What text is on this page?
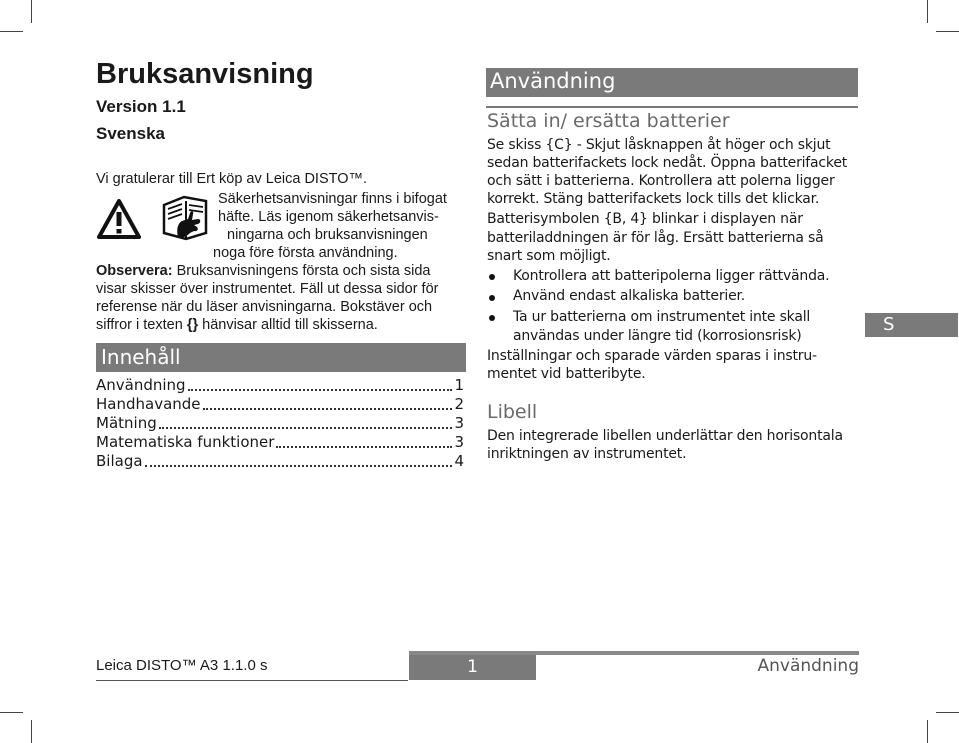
Bruksanvisning
Version 1.1
Svenska
Vi gratulerar till Ert köp av Leica DISTO™.
Säkerhetsanvisningar finns i bifogat
häfte. Läs igenom säkerhetsanvis-
ningarna och bruksanvisningen
noga före första användning.
Observera: Bruksanvisningens första och sista sida
visar skisser över instrumentet. Fäll ut dessa sidor för
referense när du läser anvisningarna. Bokstäver och
siffror i texten {} hänvisar alltid till skisserna.
Innehåll
Användning	1
Handhavande	2
Mätning	3
Matematiska funktioner	3
Bilaga	4
Användning
Sätta in/ ersätta batterier
Se skiss {C} - Skjut låsknappen åt höger och skjut
sedan batterifackets lock nedåt. Öppna batterifacket
och sätt i batterierna. Kontrollera att polerna ligger
korrekt. Stäng batterifackets lock tills det klickar.
Batterisymbolen {B, 4} blinkar i displayen när
batteriladdningen är för låg. Ersätt batterierna så
snart som möjligt.
Kontrollera att batteripolerna ligger rättvända.
Använd endast alkaliska batterier.
Ta ur batterierna om instrumentet inte skall
användas under längre tid (korrosionsrisk)
Inställningar och sparade värden sparas i instru-
mentet vid batteribyte.
Libell
Den integrerade libellen underlättar den horisontala
inriktningen av instrumentet.
S
Leica DISTO™ A3 1.1.0 s	1	Användning
